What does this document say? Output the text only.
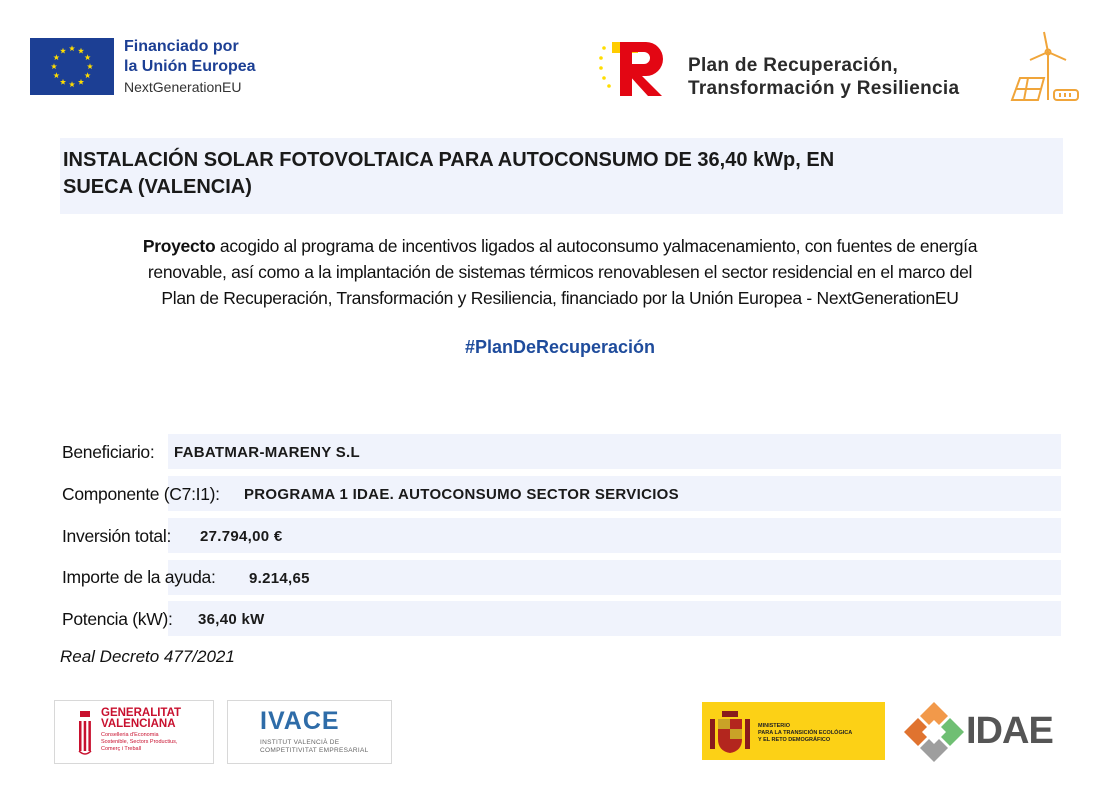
Financiado por
la Unión Europea
NextGenerationEU
Plan de Recuperación,
Transformación y Resiliencia
INSTALACIÓN SOLAR FOTOVOLTAICA PARA AUTOCONSUMO DE 36,40 kWp, EN
SUECA (VALENCIA)
Proyecto acogido al programa de incentivos ligados al autoconsumo yalmacenamiento, con fuentes de energía
renovable, así como a la implantación de sistemas térmicos renovablesen el sector residencial en el marco del
Plan de Recuperación, Transformación y Resiliencia, financiado por la Unión Europea - NextGenerationEU
#PlanDeRecuperación
Beneficiario: FABATMAR-MARENY S.L
Componente (C7:I1): PROGRAMA 1 IDAE. AUTOCONSUMO SECTOR SERVICIOS
Inversión total: 27.794,00 €
Importe de la ayuda: 9.214,65
Potencia (kW): 36,40 kW
Real Decreto 477/2021
GENERALITAT
VALENCIANA
Conselleria d'Economia
Sostenible, Sectors Productius,
Comerç i Treball
IVACE
INSTITUT VALENCIÀ DE
COMPETITIVITAT EMPRESARIAL
MINISTERIO
PARA LA TRANSICIÓN ECOLÓGICA
Y EL RETO DEMOGRÁFICO	IDAE
